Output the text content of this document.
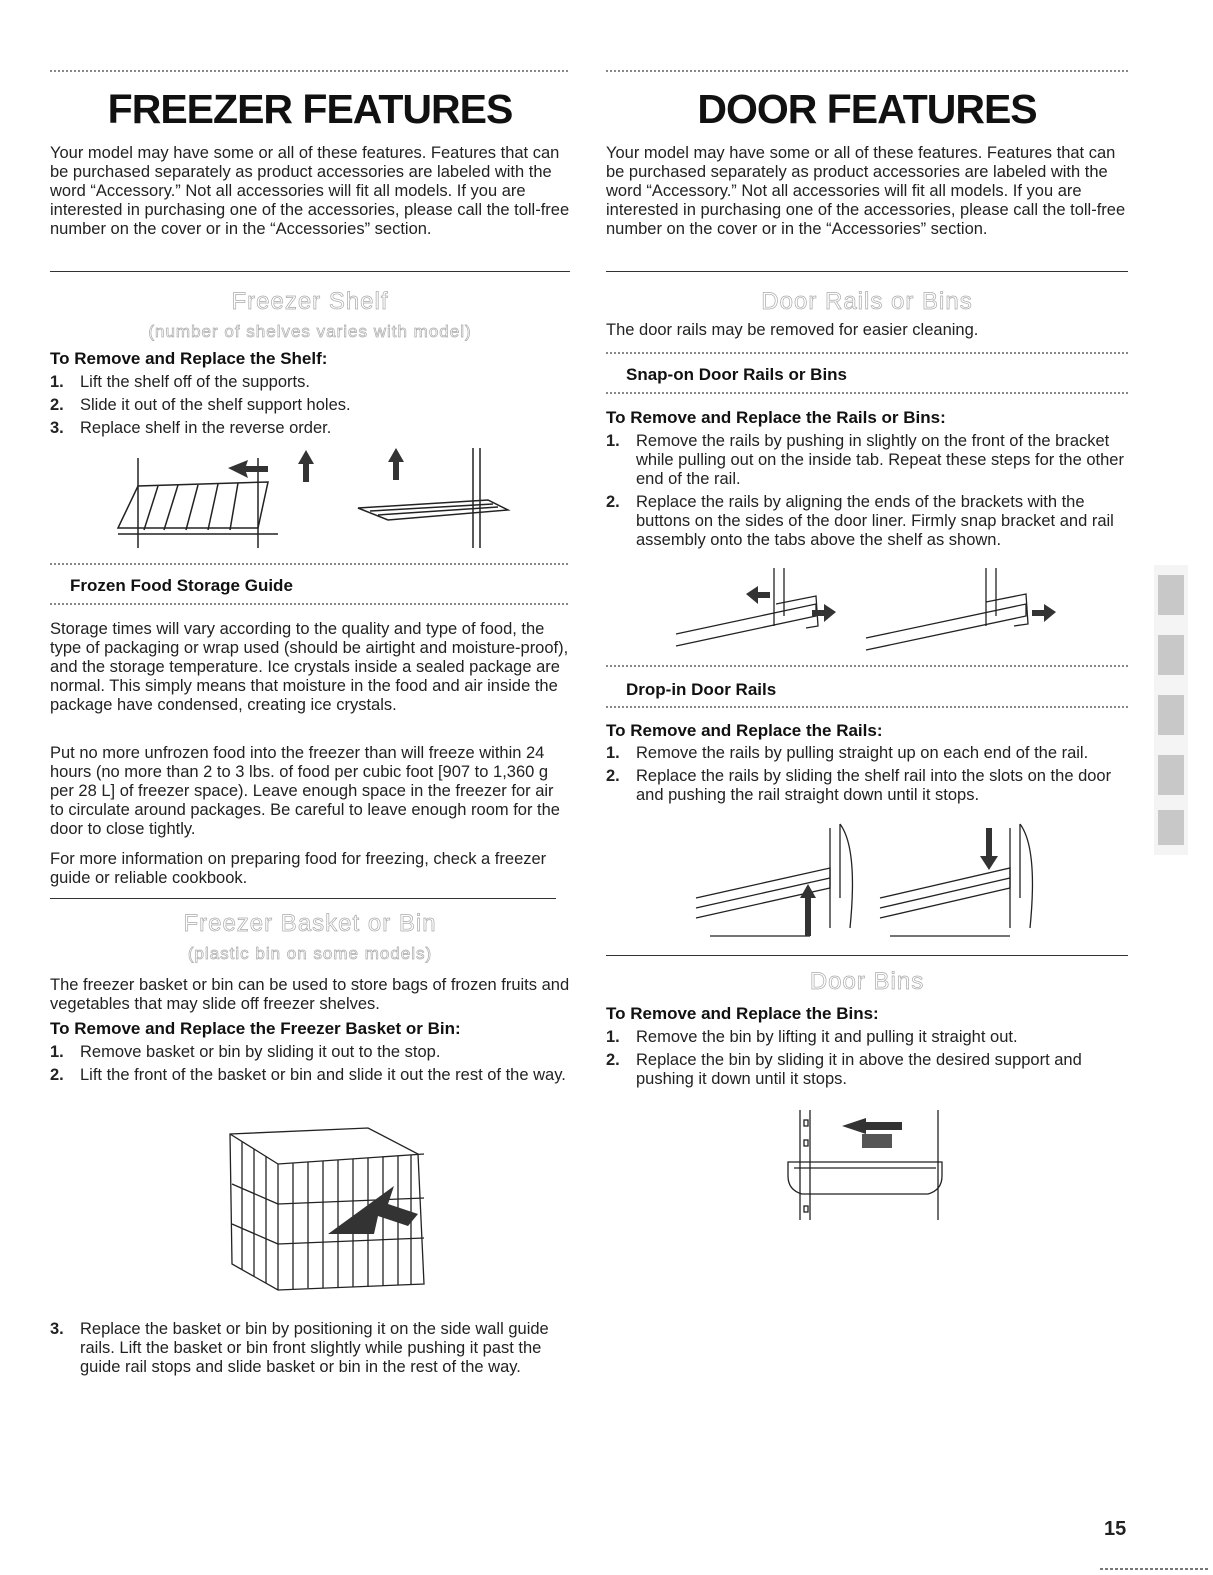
FREEZER FEATURES
Your model may have some or all of these features. Features that can be purchased separately as product accessories are labeled with the word “Accessory.” Not all accessories will fit all models. If you are interested in purchasing one of the accessories, please call the toll-free number on the cover or in the “Accessories” section.
Freezer Shelf
(number of shelves varies with model)
To Remove and Replace the Shelf:
1. Lift the shelf off of the supports.
2. Slide it out of the shelf support holes.
3. Replace shelf in the reverse order.
Frozen Food Storage Guide
Storage times will vary according to the quality and type of food, the type of packaging or wrap used (should be airtight and moisture-proof), and the storage temperature. Ice crystals inside a sealed package are normal. This simply means that moisture in the food and air inside the package have condensed, creating ice crystals.
Put no more unfrozen food into the freezer than will freeze within 24 hours (no more than 2 to 3 lbs. of food per cubic foot [907 to 1,360 g per 28 L] of freezer space). Leave enough space in the freezer for air to circulate around packages. Be careful to leave enough room for the door to close tightly.
For more information on preparing food for freezing, check a freezer guide or reliable cookbook.
Freezer Basket or Bin
(plastic bin on some models)
The freezer basket or bin can be used to store bags of frozen fruits and vegetables that may slide off freezer shelves.
To Remove and Replace the Freezer Basket or Bin:
1. Remove basket or bin by sliding it out to the stop.
2. Lift the front of the basket or bin and slide it out the rest of the way.
3. Replace the basket or bin by positioning it on the side wall guide rails. Lift the basket or bin front slightly while pushing it past the guide rail stops and slide basket or bin in the rest of the way.
DOOR FEATURES
Your model may have some or all of these features. Features that can be purchased separately as product accessories are labeled with the word “Accessory.” Not all accessories will fit all models. If you are interested in purchasing one of the accessories, please call the toll-free number on the cover or in the “Accessories” section.
Door Rails or Bins
The door rails may be removed for easier cleaning.
Snap-on Door Rails or Bins
To Remove and Replace the Rails or Bins:
1. Remove the rails by pushing in slightly on the front of the bracket while pulling out on the inside tab. Repeat these steps for the other end of the rail.
2. Replace the rails by aligning the ends of the brackets with the buttons on the sides of the door liner. Firmly snap bracket and rail assembly onto the tabs above the shelf as shown.
Drop-in Door Rails
To Remove and Replace the Rails:
1. Remove the rails by pulling straight up on each end of the rail.
2. Replace the rails by sliding the shelf rail into the slots on the door and pushing the rail straight down until it stops.
Door Bins
To Remove and Replace the Bins:
1. Remove the bin by lifting it and pulling it straight out.
2. Replace the bin by sliding it in above the desired support and pushing it down until it stops.
15
